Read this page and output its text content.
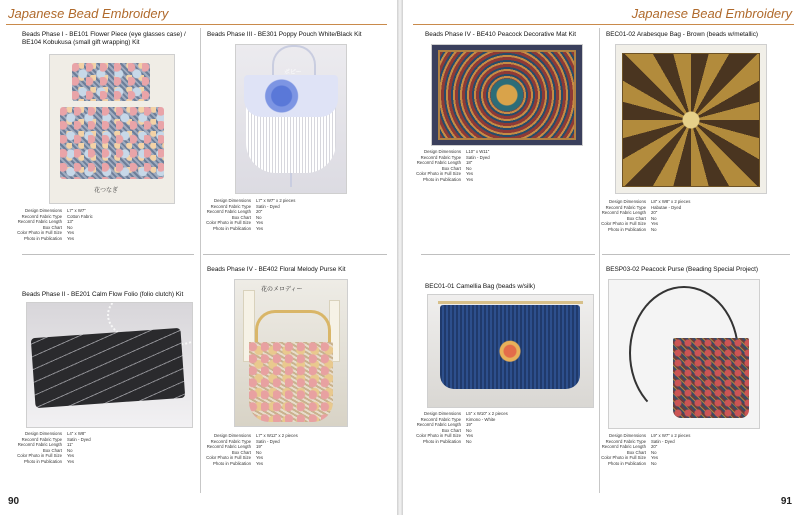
Japanese Bead Embroidery
Beads Phase I - BE101 Flower Piece (eye glasses case) /
BE104 Kobukusa (small gift wrapping) Kit
花つなぎ
Design Dimensions	L7" x W7"
Recom'd Fabric Type	Cotton Fabric
Recom'd Fabric Length	13"
Box Chart	No
Color Photo in Full Size	Yes
Photo in Publication	Yes
Beads Phase III - BE301 Poppy Pouch White/Black Kit
ポピー
Design Dimensions	L7" x W7" x 2 pieces
Recom'd Fabric Type	Satin - Dyed
Recom'd Fabric Length	20"
Box Chart	No
Color Photo in Full Size	Yes
Photo in Publication	Yes
Beads Phase II - BE201 Calm Flow Folio (folio clutch) Kit
Design Dimensions	L4" x W8"
Recom'd Fabric Type	Satin - Dyed
Recom'd Fabric Length	11"
Box Chart	No
Color Photo in Full Size	Yes
Photo in Publication	Yes
Beads Phase IV - BE402 Floral Melody Purse Kit
花のメロディー
Design Dimensions	L7" x W12" x 2 pieces
Recom'd Fabric Type	Satin - Dyed
Recom'd Fabric Length	19"
Box Chart	No
Color Photo in Full Size	Yes
Photo in Publication	Yes
90
Japanese Bead Embroidery
Beads Phase IV - BE410 Peacock Decorative Mat Kit
Design Dimensions	L10" x W11"
Recom'd Fabric Type	Satin - Dyed
Recom'd Fabric Length	18"
Box Chart	No
Color Photo in Full Size	Yes
Photo in Publication	Yes
BEC01-02 Arabesque Bag - Brown (beads w/metallic)
Design Dimensions	L8" x W8" x 2 pieces
Recom'd Fabric Type	Habutae - Dyed
Recom'd Fabric Length	20"
Box Chart	No
Color Photo in Full Size	Yes
Photo in Publication	No
BEC01-01 Camellia Bag (beads w/silk)
Design Dimensions	L5" x W10" x 2 pieces
Recom'd Fabric Type	Kimono - White
Recom'd Fabric Length	19"
Box Chart	No
Color Photo in Full Size	Yes
Photo in Publication	No
BESP03-02 Peacock Purse (Beading Special Project)
Design Dimensions	L9" x W7" x 2 pieces
Recom'd Fabric Type	Satin - Dyed
Recom'd Fabric Length	20"
Box Chart	No
Color Photo in Full Size	Yes
Photo in Publication	No
91
